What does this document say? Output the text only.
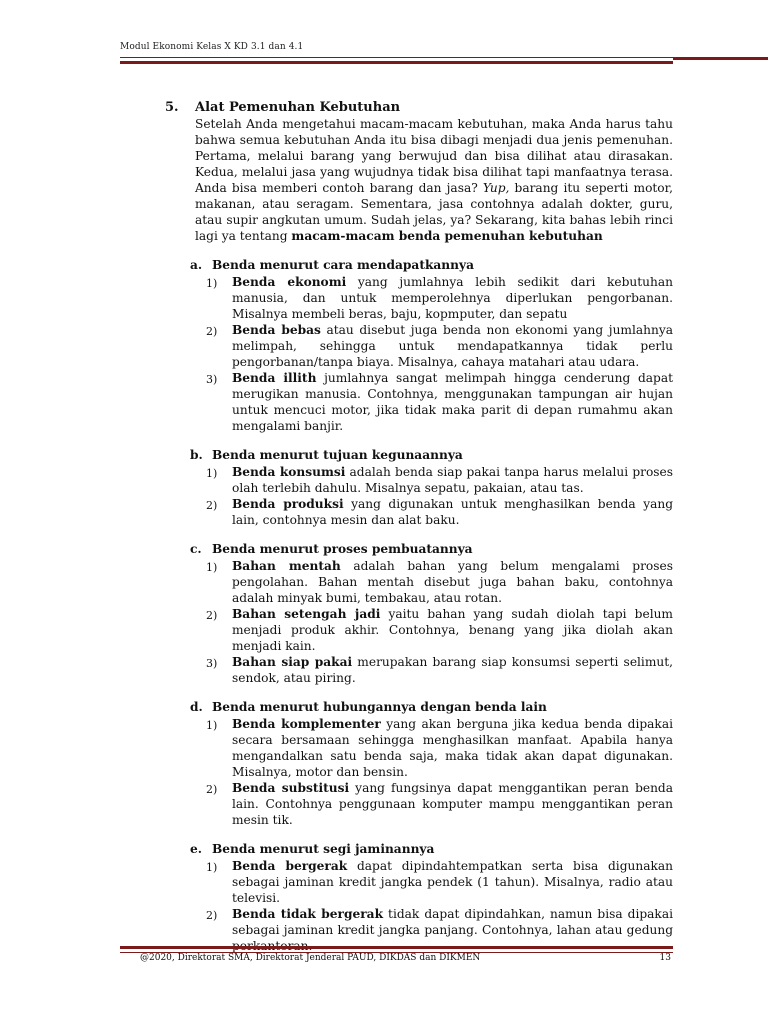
Modul Ekonomi Kelas X KD 3.1 dan 4.1
5.	Alat Pemenuhan Kebutuhan
Setelah Anda mengetahui macam-macam kebutuhan, maka Anda harus tahu bahwa semua kebutuhan Anda itu bisa dibagi menjadi dua jenis pemenuhan. Pertama, melalui barang yang berwujud dan bisa dilihat atau dirasakan. Kedua, melalui jasa yang wujudnya tidak bisa dilihat tapi manfaatnya terasa. Anda bisa memberi contoh barang dan jasa? Yup, barang itu seperti motor, makanan, atau seragam. Sementara, jasa contohnya adalah dokter, guru, atau supir angkutan umum. Sudah jelas, ya? Sekarang, kita bahas lebih rinci lagi ya tentang macam-macam benda pemenuhan kebutuhan
a. Benda menurut cara mendapatkannya
1)	Benda ekonomi yang jumlahnya lebih sedikit dari kebutuhan manusia, dan untuk memperolehnya diperlukan pengorbanan. Misalnya membeli beras, baju, kopmputer, dan sepatu
2)	Benda bebas atau disebut juga benda non ekonomi yang jumlahnya melimpah, sehingga untuk mendapatkannya tidak perlu pengorbanan/tanpa biaya. Misalnya, cahaya matahari atau udara.
3)	Benda illith jumlahnya sangat melimpah hingga cenderung dapat merugikan manusia. Contohnya, menggunakan tampungan air hujan untuk mencuci motor, jika tidak maka parit di depan rumahmu akan mengalami banjir.
b. Benda menurut tujuan kegunaannya
1)	Benda konsumsi adalah benda siap pakai tanpa harus melalui proses olah terlebih dahulu. Misalnya sepatu, pakaian, atau tas.
2)	Benda produksi yang digunakan untuk menghasilkan benda yang lain, contohnya mesin dan alat baku.
c. Benda menurut proses pembuatannya
1)	Bahan mentah adalah bahan yang belum mengalami proses pengolahan. Bahan mentah disebut juga bahan baku, contohnya adalah minyak bumi, tembakau, atau rotan.
2)	Bahan setengah jadi yaitu bahan yang sudah diolah tapi belum menjadi produk akhir. Contohnya, benang yang jika diolah akan menjadi kain.
3)	Bahan siap pakai merupakan barang siap konsumsi seperti selimut, sendok, atau piring.
d. Benda menurut hubungannya dengan benda lain
1)	Benda komplementer yang akan berguna jika kedua benda dipakai secara bersamaan sehingga menghasilkan manfaat. Apabila hanya mengandalkan satu benda saja, maka tidak akan dapat digunakan. Misalnya, motor dan bensin.
2)	Benda substitusi yang fungsinya dapat menggantikan peran benda lain. Contohnya penggunaan komputer mampu menggantikan peran mesin tik.
e. Benda menurut segi jaminannya
1)	Benda bergerak dapat dipindahtempatkan serta bisa digunakan sebagai jaminan kredit jangka pendek (1 tahun). Misalnya, radio atau televisi.
2)	Benda tidak bergerak tidak dapat dipindahkan, namun bisa dipakai sebagai jaminan kredit jangka panjang. Contohnya, lahan atau gedung perkantoran.
@2020, Direktorat SMA, Direktorat Jenderal PAUD, DIKDAS dan DIKMEN	13
